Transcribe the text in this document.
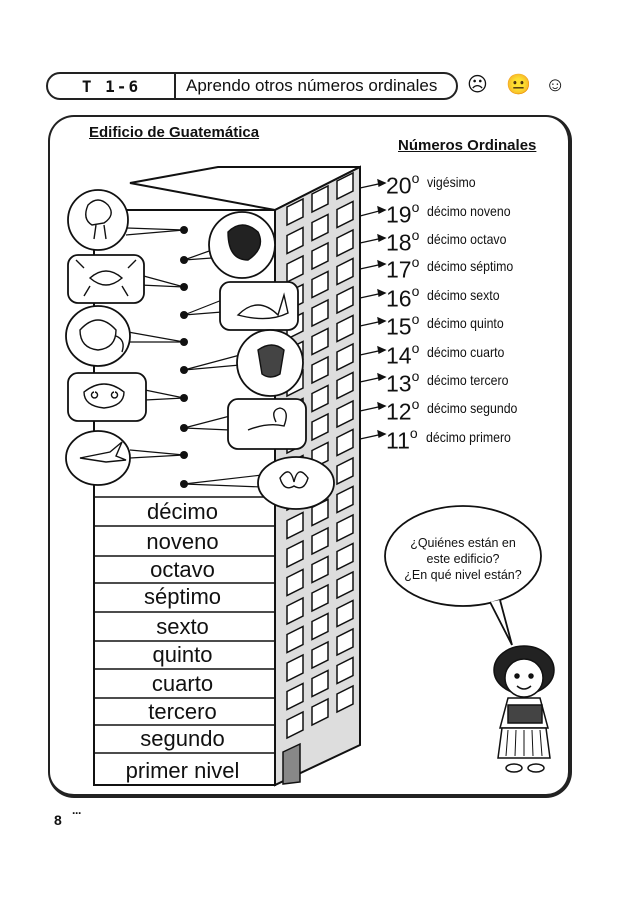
T 1-6	Aprendo otros números ordinales ☹ 😐 ☺
Edificio de Guatemática
Números Ordinales
20$^o$ vigésimo
19$^o$ décimo noveno
18$^o$ décimo octavo
17$^o$ décimo séptimo
16$^o$ décimo sexto
15$^o$ décimo quinto
14$^o$ décimo cuarto
13$^o$ décimo tercero
12$^o$ décimo segundo
11$^o$ décimo primero
décimo
noveno
octavo
séptimo
sexto
quinto
cuarto
tercero
segundo
primer nivel
¿Quiénes están en
este edificio?
¿En qué nivel están?
8 ···
